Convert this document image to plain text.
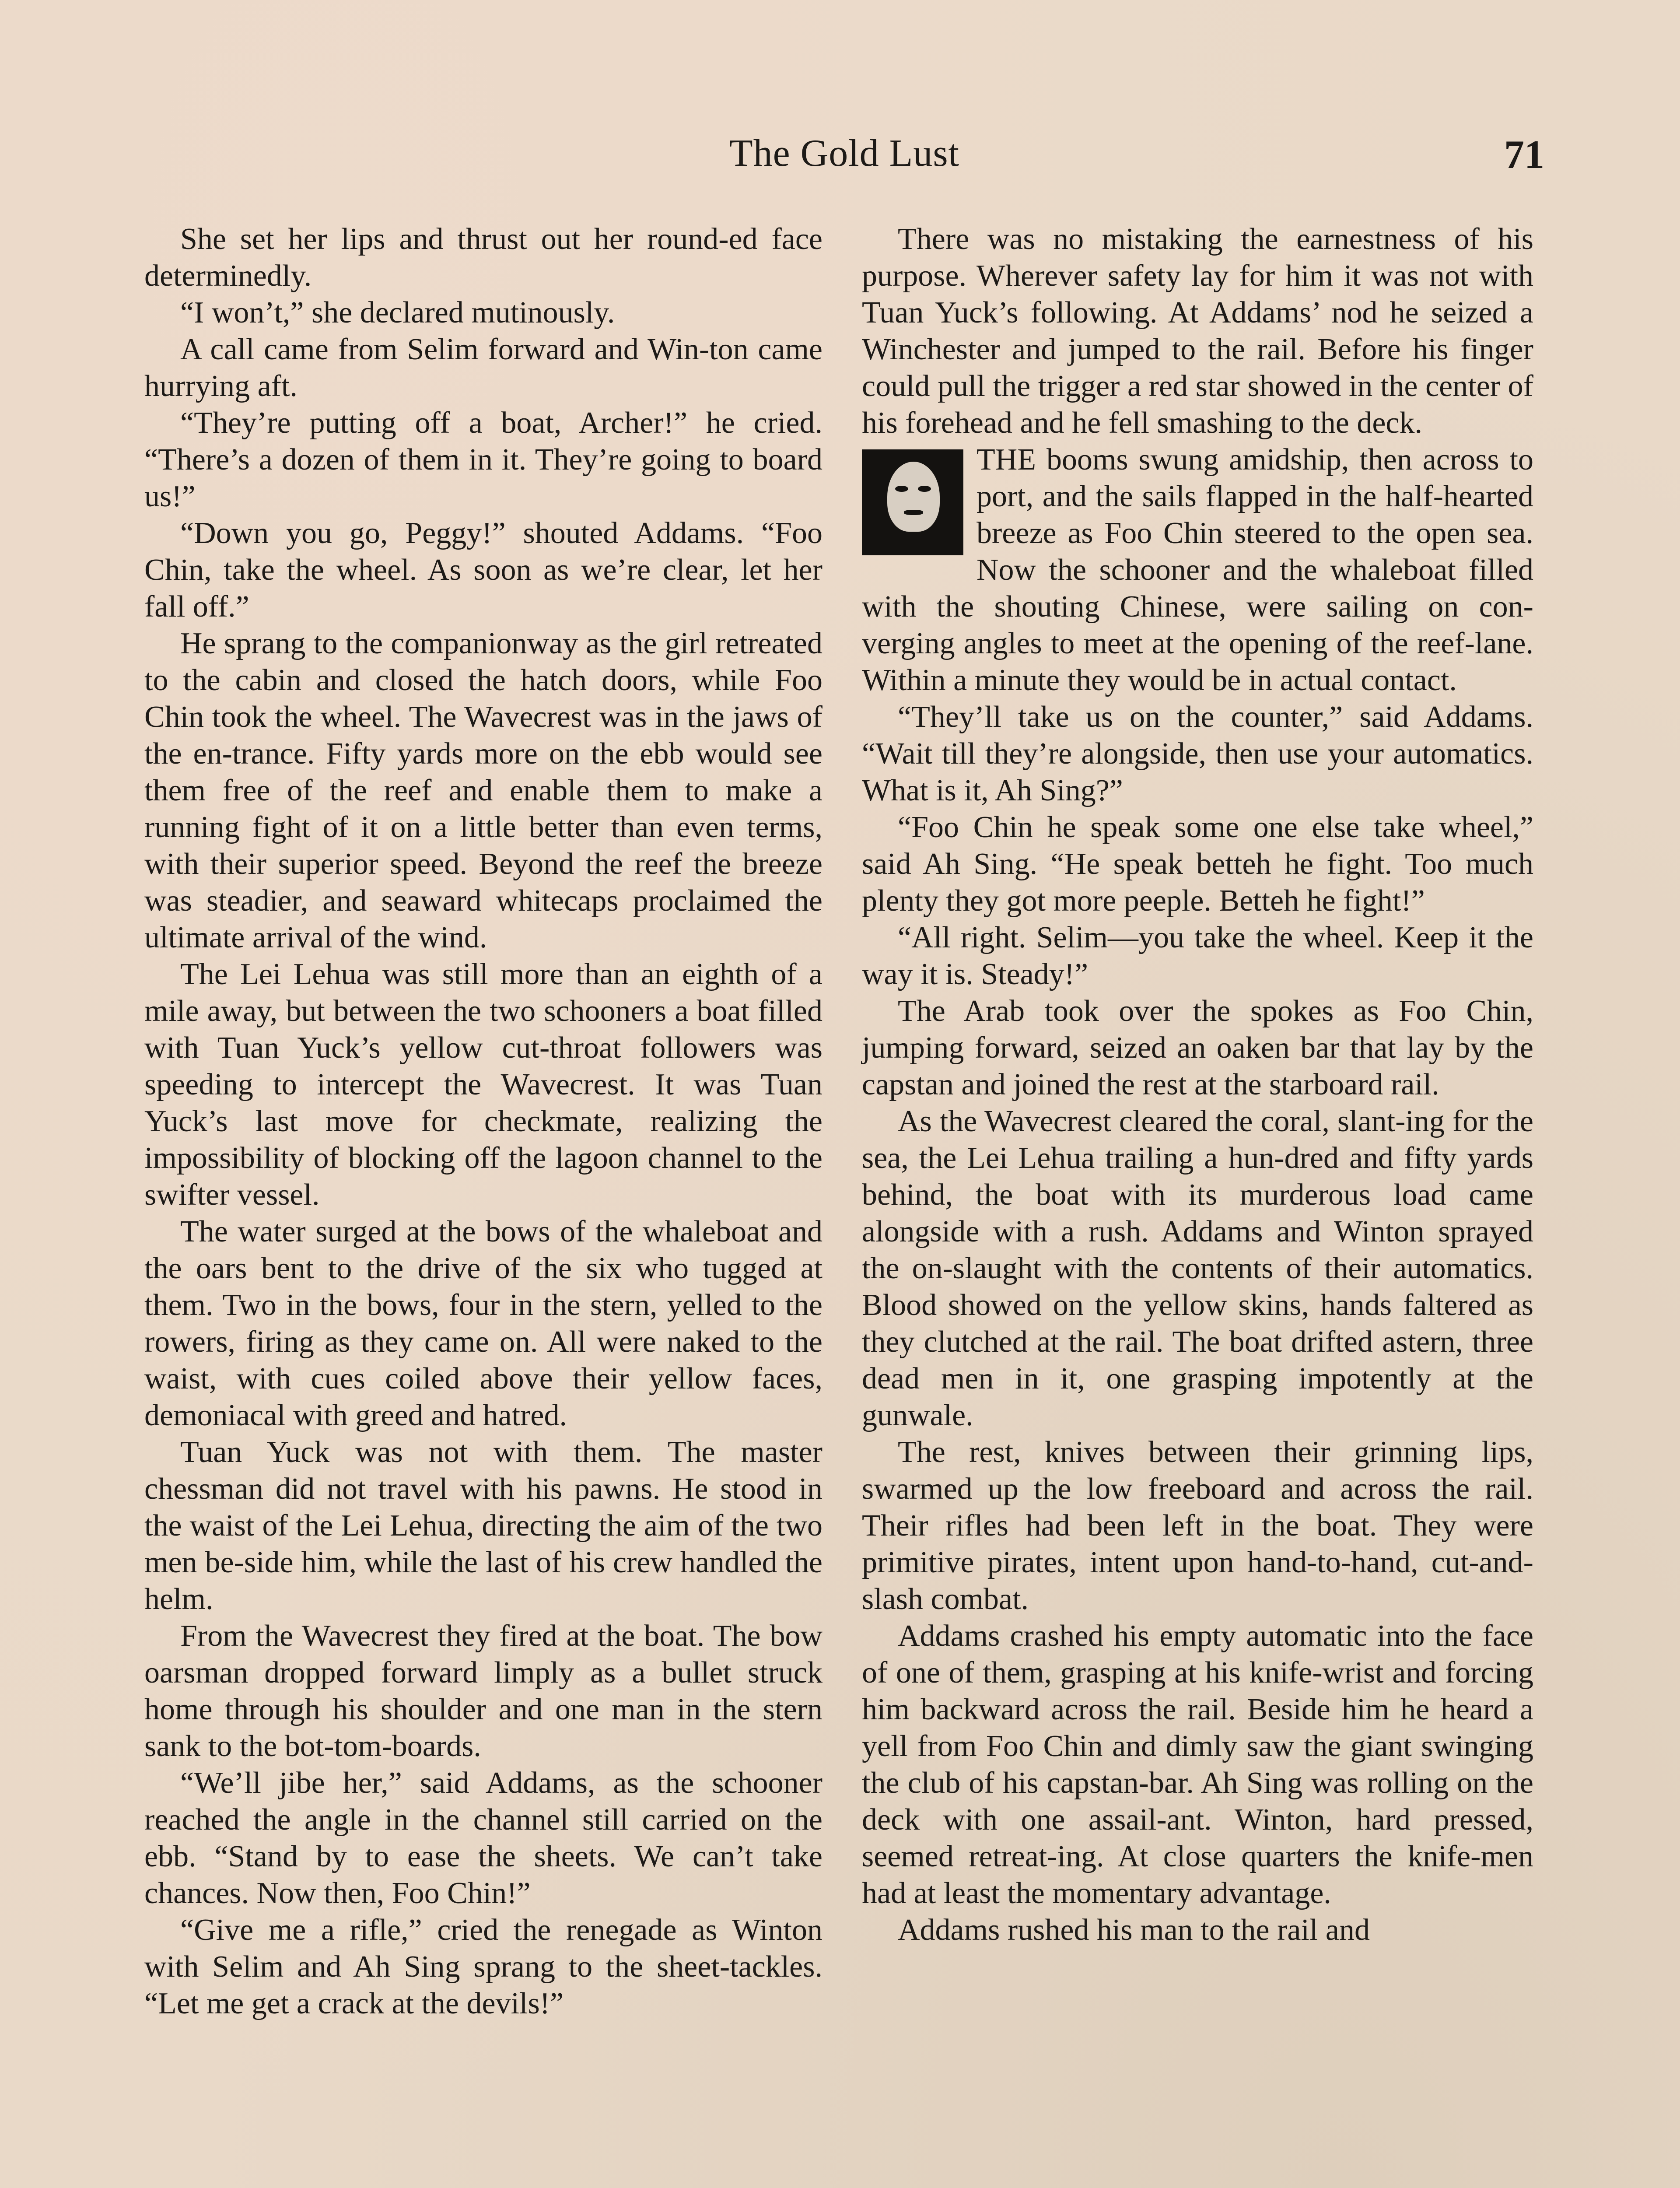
The Gold Lust	71

She set her lips and thrust out her round-ed face determinedly.

“I won’t,” she declared mutinously.

A call came from Selim forward and Win-ton came hurrying aft.

“They’re putting off a boat, Archer!” he cried. “There’s a dozen of them in it. They’re going to board us!”

“Down you go, Peggy!” shouted Addams. “Foo Chin, take the wheel. As soon as we’re clear, let her fall off.”

He sprang to the companionway as the girl retreated to the cabin and closed the hatch doors, while Foo Chin took the wheel. The Wavecrest was in the jaws of the en-trance. Fifty yards more on the ebb would see them free of the reef and enable them to make a running fight of it on a little better than even terms, with their superior speed. Beyond the reef the breeze was steadier, and seaward whitecaps proclaimed the ultimate arrival of the wind.

The Lei Lehua was still more than an eighth of a mile away, but between the two schooners a boat filled with Tuan Yuck’s yellow cut-throat followers was speeding to intercept the Wavecrest. It was Tuan Yuck’s last move for checkmate, realizing the impossibility of blocking off the lagoon channel to the swifter vessel.

The water surged at the bows of the whaleboat and the oars bent to the drive of the six who tugged at them. Two in the bows, four in the stern, yelled to the rowers, firing as they came on. All were naked to the waist, with cues coiled above their yellow faces, demoniacal with greed and hatred.

Tuan Yuck was not with them. The master chessman did not travel with his pawns. He stood in the waist of the Lei Lehua, directing the aim of the two men be-side him, while the last of his crew handled the helm.

From the Wavecrest they fired at the boat. The bow oarsman dropped forward limply as a bullet struck home through his shoulder and one man in the stern sank to the bot-tom-boards.

“We’ll jibe her,” said Addams, as the schooner reached the angle in the channel still carried on the ebb. “Stand by to ease the sheets. We can’t take chances. Now then, Foo Chin!”

“Give me a rifle,” cried the renegade as Winton with Selim and Ah Sing sprang to the sheet-tackles. “Let me get a crack at the devils!”

There was no mistaking the earnestness of his purpose. Wherever safety lay for him it was not with Tuan Yuck’s following. At Addams’ nod he seized a Winchester and jumped to the rail. Before his finger could pull the trigger a red star showed in the center of his forehead and he fell smashing to the deck.

THE booms swung amidship, then across to port, and the sails flapped in the half-hearted breeze as Foo Chin steered to the open sea. Now the schooner and the whaleboat filled with the shouting Chinese, were sailing on con-verging angles to meet at the opening of the reef-lane. Within a minute they would be in actual contact.

“They’ll take us on the counter,” said Addams. “Wait till they’re alongside, then use your automatics. What is it, Ah Sing?”

“Foo Chin he speak some one else take wheel,” said Ah Sing. “He speak betteh he fight. Too much plenty they got more peeple. Betteh he fight!”

“All right. Selim—you take the wheel. Keep it the way it is. Steady!”

The Arab took over the spokes as Foo Chin, jumping forward, seized an oaken bar that lay by the capstan and joined the rest at the starboard rail.

As the Wavecrest cleared the coral, slant-ing for the sea, the Lei Lehua trailing a hun-dred and fifty yards behind, the boat with its murderous load came alongside with a rush. Addams and Winton sprayed the on-slaught with the contents of their automatics. Blood showed on the yellow skins, hands faltered as they clutched at the rail. The boat drifted astern, three dead men in it, one grasping impotently at the gunwale.

The rest, knives between their grinning lips, swarmed up the low freeboard and across the rail. Their rifles had been left in the boat. They were primitive pirates, intent upon hand-to-hand, cut-and-slash combat.

Addams crashed his empty automatic into the face of one of them, grasping at his knife-wrist and forcing him backward across the rail. Beside him he heard a yell from Foo Chin and dimly saw the giant swinging the club of his capstan-bar. Ah Sing was rolling on the deck with one assail-ant. Winton, hard pressed, seemed retreat-ing. At close quarters the knife-men had at least the momentary advantage.

Addams rushed his man to the rail and
